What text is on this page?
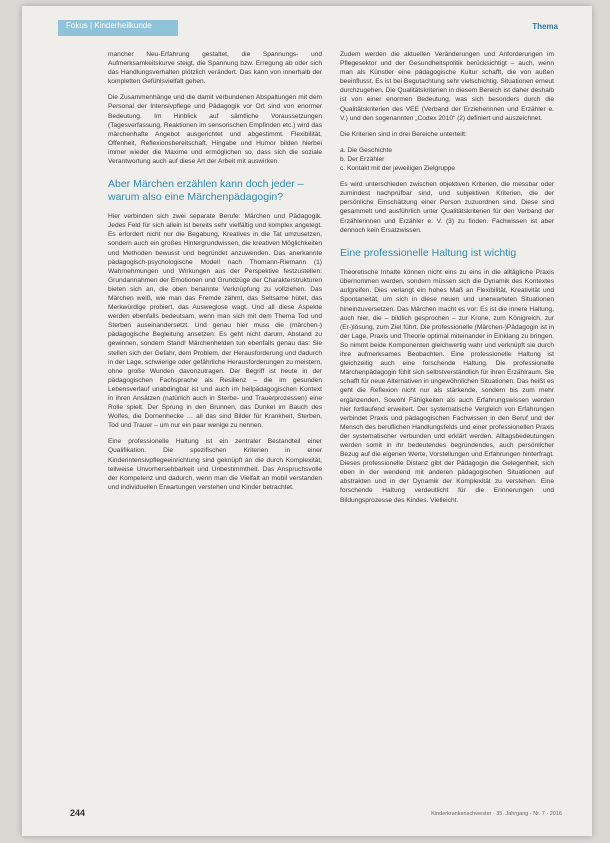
Fokus | Kinderheilkunde	Thema

mancher Neu-Erfahrung gestaltet, die Spannungs- und Aufmerksamkeitskurve steigt, die Spannung bzw. Erregung ab oder sich das Handlungsverhalten plötzlich verändert. Das kann von innerhalb der kompletten Gefühlsvielfalt gehen.

Die Zusammenhänge und die damit verbundenen Abspaltungen mit dem Personal der Intensivpflege und Pädagogik vor Ort sind von enormer Bedeutung. Im Hinblick auf sämtliche Voraussetzungen (Tagesverfassung, Reaktionen im sensorischen Empfinden etc.) wird das märchenhafte Angebot ausgerichtet und abgestimmt. Flexibilität, Offenheit, Reflexionsbereitschaft, Hingabe und Humor bilden hierbei immer wieder die Maxime und ermöglichen so, dass sich die soziale Verantwortung auch auf diese Art der Arbeit mit auswirken.

Aber Märchen erzählen kann doch jeder – warum also eine Märchenpädagogin?

Hier verbinden sich zwei separate Berufe: Märchen und Pädagogik. Jedes Feld für sich allein ist bereits sehr vielfältig und komplex angelegt. Es erfordert nicht nur die Begabung, Kreatives in die Tat umzusetzen, sondern auch ein großes Hintergrundwissen, die kreativen Möglichkeiten und Methoden bewusst und begründet anzuwenden. Das anerkannte pädagogisch-psychologische Modell nach Thomann-Riemann (1) Wahrnehmungen und Wirkungen aus der Perspektive festzustellen: Grundannahmen der Emotionen und Grundzüge der Charakterstrukturen bieten sich an, die oben benannte Verknüpfung zu vollziehen. Das Märchen weiß, wie man das Fremde zähmt, das Seltsame hütet, das Merkwürdige probiert, das Ausweglose wagt. Und all diese Aspekte werden ebenfalls bedeutsam, wenn man sich mit dem Thema Tod und Sterben auseinandersetzt. Und genau hier muss die (märchen-) pädagogische Begleitung ansetzen: Es geht nicht darum, Abstand zu gewinnen, sondern Stand! Märchenhelden tun ebenfalls genau das: Sie stellen sich der Gefahr, dem Problem, der Herausforderung und dadurch in der Lage, schwierige oder gefährliche Herausforderungen zu meistern, ohne große Wunden davonzutragen. Der Begriff ist heute in der pädagogischen Fachsprache als Resilienz – die im gesunden Lebensverlauf unabdingbar ist und auch im heilpädagogischen Kontext in ihren Ansätzen (natürlich auch in Sterbe- und Trauerprozessen) eine Rolle spielt. Der Sprung in den Brunnen, das Dunkel im Bauch des Wolfes, die Dornenhecke … all das sind Bilder für Krankheit, Sterben, Tod und Trauer – um nur ein paar wenige zu nennen.

Eine professionelle Haltung ist ein zentraler Bestandteil einer Qualifikation. Die spezifischen Kriterien in einer Kinderintensivpflegeeinrichtung sind geknüpft an die durch Komplexität, teilweise Unvorhersehbarkeit und Unbestimmtheit. Das Anspruchsvolle der Kompetenz und dadurch, wenn man die Vielfalt an mobil verstanden und individuellen Erwartungen verstehen und Kinder betrachtet.

Zudem werden die aktuellen Veränderungen und Anforderungen im Pflegesektor und der Gesundheitspolitik berücksichtigt – auch, wenn man als Künstler eine pädagogische Kultur schafft, die von außen beeinflusst. Es ist bei Begutachtung sehr vielschichtig. Situationen erneut durchzugehen, Die Qualitätskriterien in diesem Bereich ist daher deshalb ist von einer enormen Bedeutung, was sich besonders durch die Qualitätskriterien des VEE (Verband der Erzieherinnen und Erzähler e. V.) und den sogenannten „Codex 2010“ (2) definiert und auszeichnet.

Die Kriterien sind in drei Bereiche unterteilt:

a. Die Geschichte
b. Der Erzähler
c. Kontakt mit der jeweiligen Zielgruppe

Es wird unterschieden zwischen objektiven Kriterien, die messbar oder zumindest nachprüfbar sind, und subjektiven Kriterien, die der persönliche Einschätzung einer Person zuzuordnen sind. Diese sind gesammelt und ausführlich unter Qualitätskriterien für den Verband der Erzählerinnen und Erzähler e. V. (3) zu finden. Fachwissen ist aber dennoch kein Ersatzwissen.

Eine professionelle Haltung ist wichtig

Theoretische Inhalte können nicht eins zu eins in die alltägliche Praxis übernommen werden, sondern müssen sich die Dynamik des Kontextes aufgreifen. Dies verlangt ein hohes Maß an Flexibilität, Kreativität und Spontaneität, um sich in diese neuen und unerwarteten Situationen hineinzuversetzen. Das Märchen macht es vor: Es ist die innere Haltung, auch hier, die – bildlich gesprochen – zur Krone, zum Königreich, zur (Er-)lösung, zum Ziel führt. Die professionelle (Märchen-)Pädagogin ist in der Lage, Praxis und Theorie optimal miteinander in Einklang zu bringen. So nimmt beide Komponenten gleichwertig wahr und verknüpft sie durch ihre aufmerksames Beobachten. Eine professionelle Haltung ist gleichzeitig auch eine forschende Haltung. Die professionelle Märchenpädagogin fühlt sich selbstverständlich für ihren Erzählraum. Sie schafft für neue Alternativen in ungewöhnlichen Situationen. Das heißt es geht die Reflexion nicht nur als stärkende, sondern bis zum mehr ergänzenden. Sowohl Fähigkeiten als auch Erfahrungswissen werden hier fortlaufend erweitert. Der systematische Vergleich von Erfahrungen verbindet Praxis und pädagogischen Fachwissen in den Beruf und der Mensch des beruflichen Handlungsfelds und einer professionellen Praxis der systematischer verbunden und erklärt werden. Alltagsbedeutungen werden somit in ihr bedeutendes begründendes, auch persönlicher Bezug auf die eigenen Werte, Vorstellungen und Erfahrungen hinterfragt. Dieses professionelle Distanz gibt der Pädagogin die Gelegenheit, sich eben in der wendend mit anderen pädagogischen Situationen auf abstrakten und in der Dynamik der Komplexität zu verstehen. Eine forschende Haltung verdeutlicht für die Erinnerungen und Bildungsprozesse des Kindes. Vielleicht.

244	Kinderkrankenschwester · 35. Jahrgang · Nr. 7 · 2016
